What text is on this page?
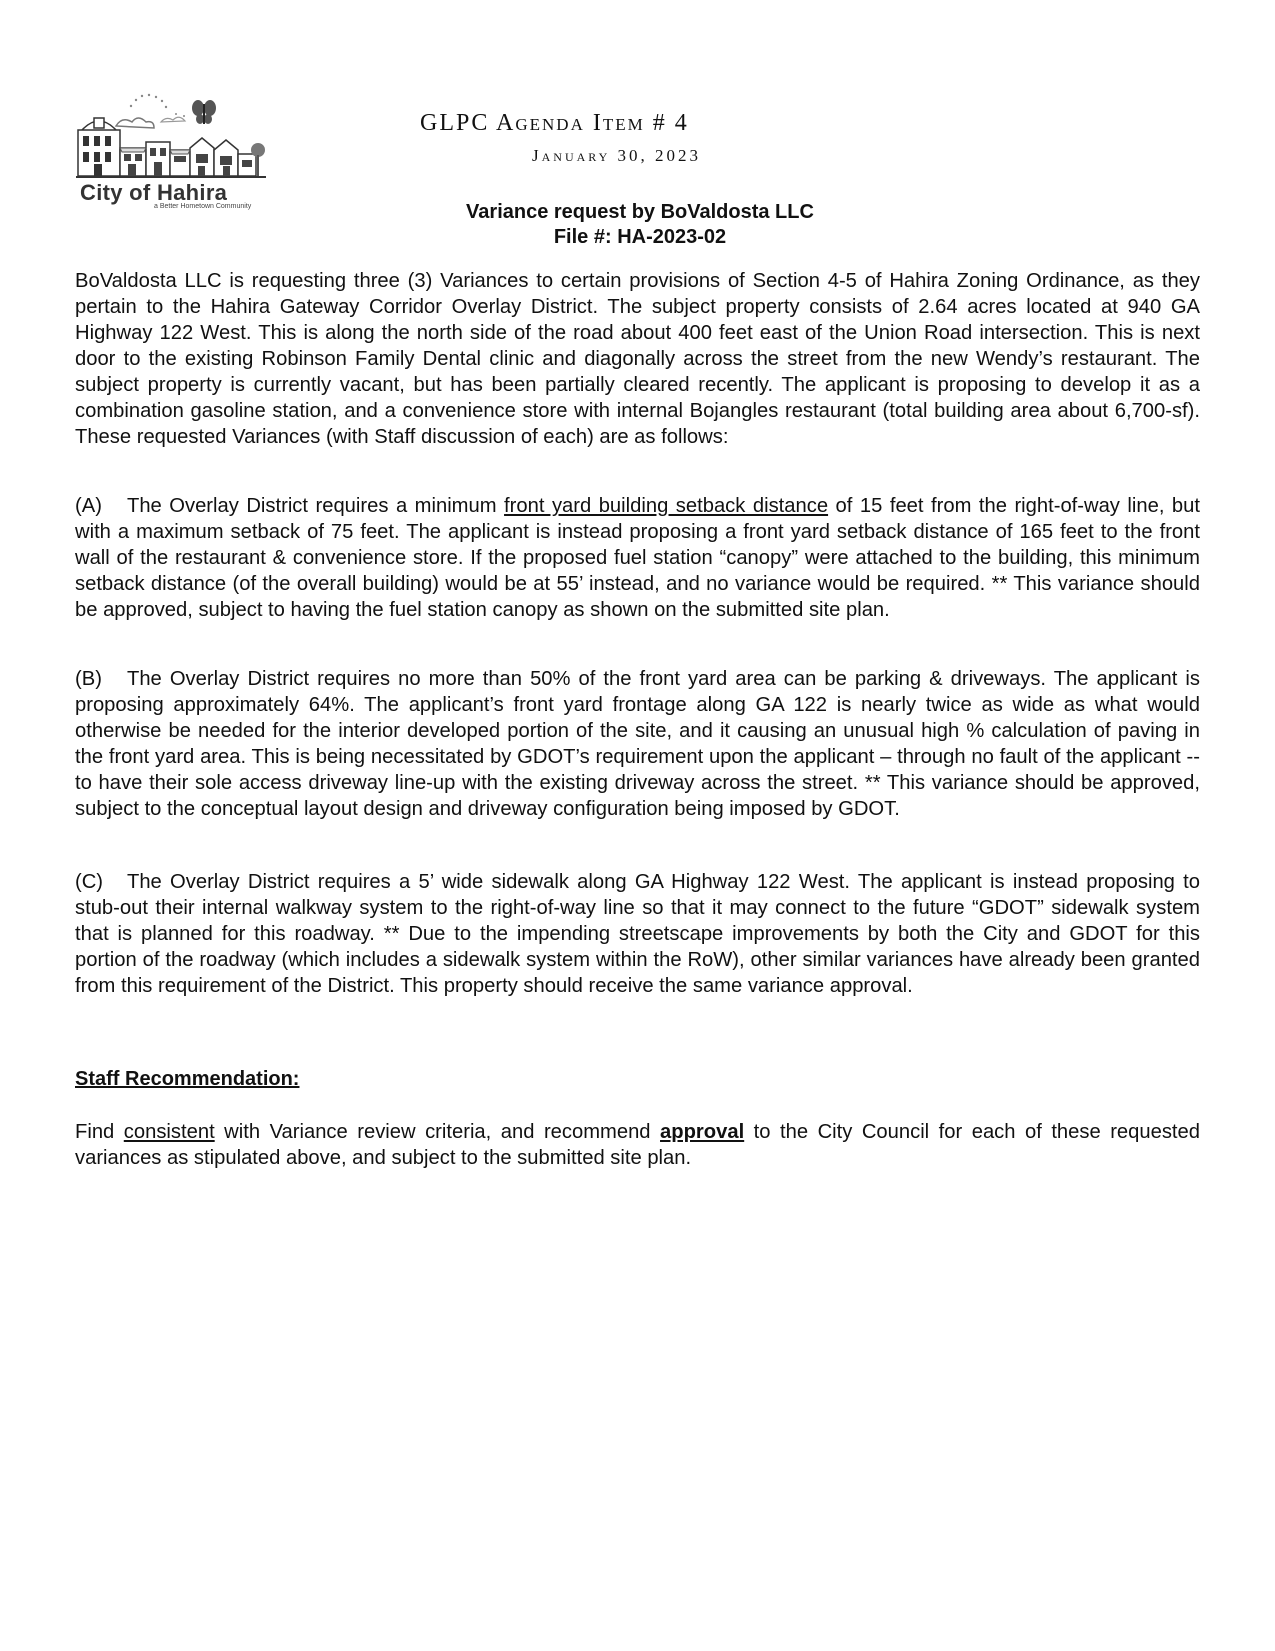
City of Hahira
a Better Hometown Community
GLPC Agenda Item # 4
January 30, 2023
Variance request by BoValdosta LLC
File #: HA-2023-02
BoValdosta LLC is requesting three (3) Variances to certain provisions of Section 4-5 of Hahira Zoning Ordinance, as they pertain to the Hahira Gateway Corridor Overlay District. The subject property consists of 2.64 acres located at 940 GA Highway 122 West. This is along the north side of the road about 400 feet east of the Union Road intersection. This is next door to the existing Robinson Family Dental clinic and diagonally across the street from the new Wendy’s restaurant. The subject property is currently vacant, but has been partially cleared recently. The applicant is proposing to develop it as a combination gasoline station, and a convenience store with internal Bojangles restaurant (total building area about 6,700-sf). These requested Variances (with Staff discussion of each) are as follows:
(A) The Overlay District requires a minimum front yard building setback distance of 15 feet from the right-of-way line, but with a maximum setback of 75 feet. The applicant is instead proposing a front yard setback distance of 165 feet to the front wall of the restaurant & convenience store. If the proposed fuel station “canopy” were attached to the building, this minimum setback distance (of the overall building) would be at 55’ instead, and no variance would be required. ** This variance should be approved, subject to having the fuel station canopy as shown on the submitted site plan.
(B) The Overlay District requires no more than 50% of the front yard area can be parking & driveways. The applicant is proposing approximately 64%. The applicant’s front yard frontage along GA 122 is nearly twice as wide as what would otherwise be needed for the interior developed portion of the site, and it causing an unusual high % calculation of paving in the front yard area. This is being necessitated by GDOT’s requirement upon the applicant – through no fault of the applicant -- to have their sole access driveway line-up with the existing driveway across the street. ** This variance should be approved, subject to the conceptual layout design and driveway configuration being imposed by GDOT.
(C) The Overlay District requires a 5’ wide sidewalk along GA Highway 122 West. The applicant is instead proposing to stub-out their internal walkway system to the right-of-way line so that it may connect to the future “GDOT” sidewalk system that is planned for this roadway. ** Due to the impending streetscape improvements by both the City and GDOT for this portion of the roadway (which includes a sidewalk system within the RoW), other similar variances have already been granted from this requirement of the District. This property should receive the same variance approval.
Staff Recommendation:
Find consistent with Variance review criteria, and recommend approval to the City Council for each of these requested variances as stipulated above, and subject to the submitted site plan.
